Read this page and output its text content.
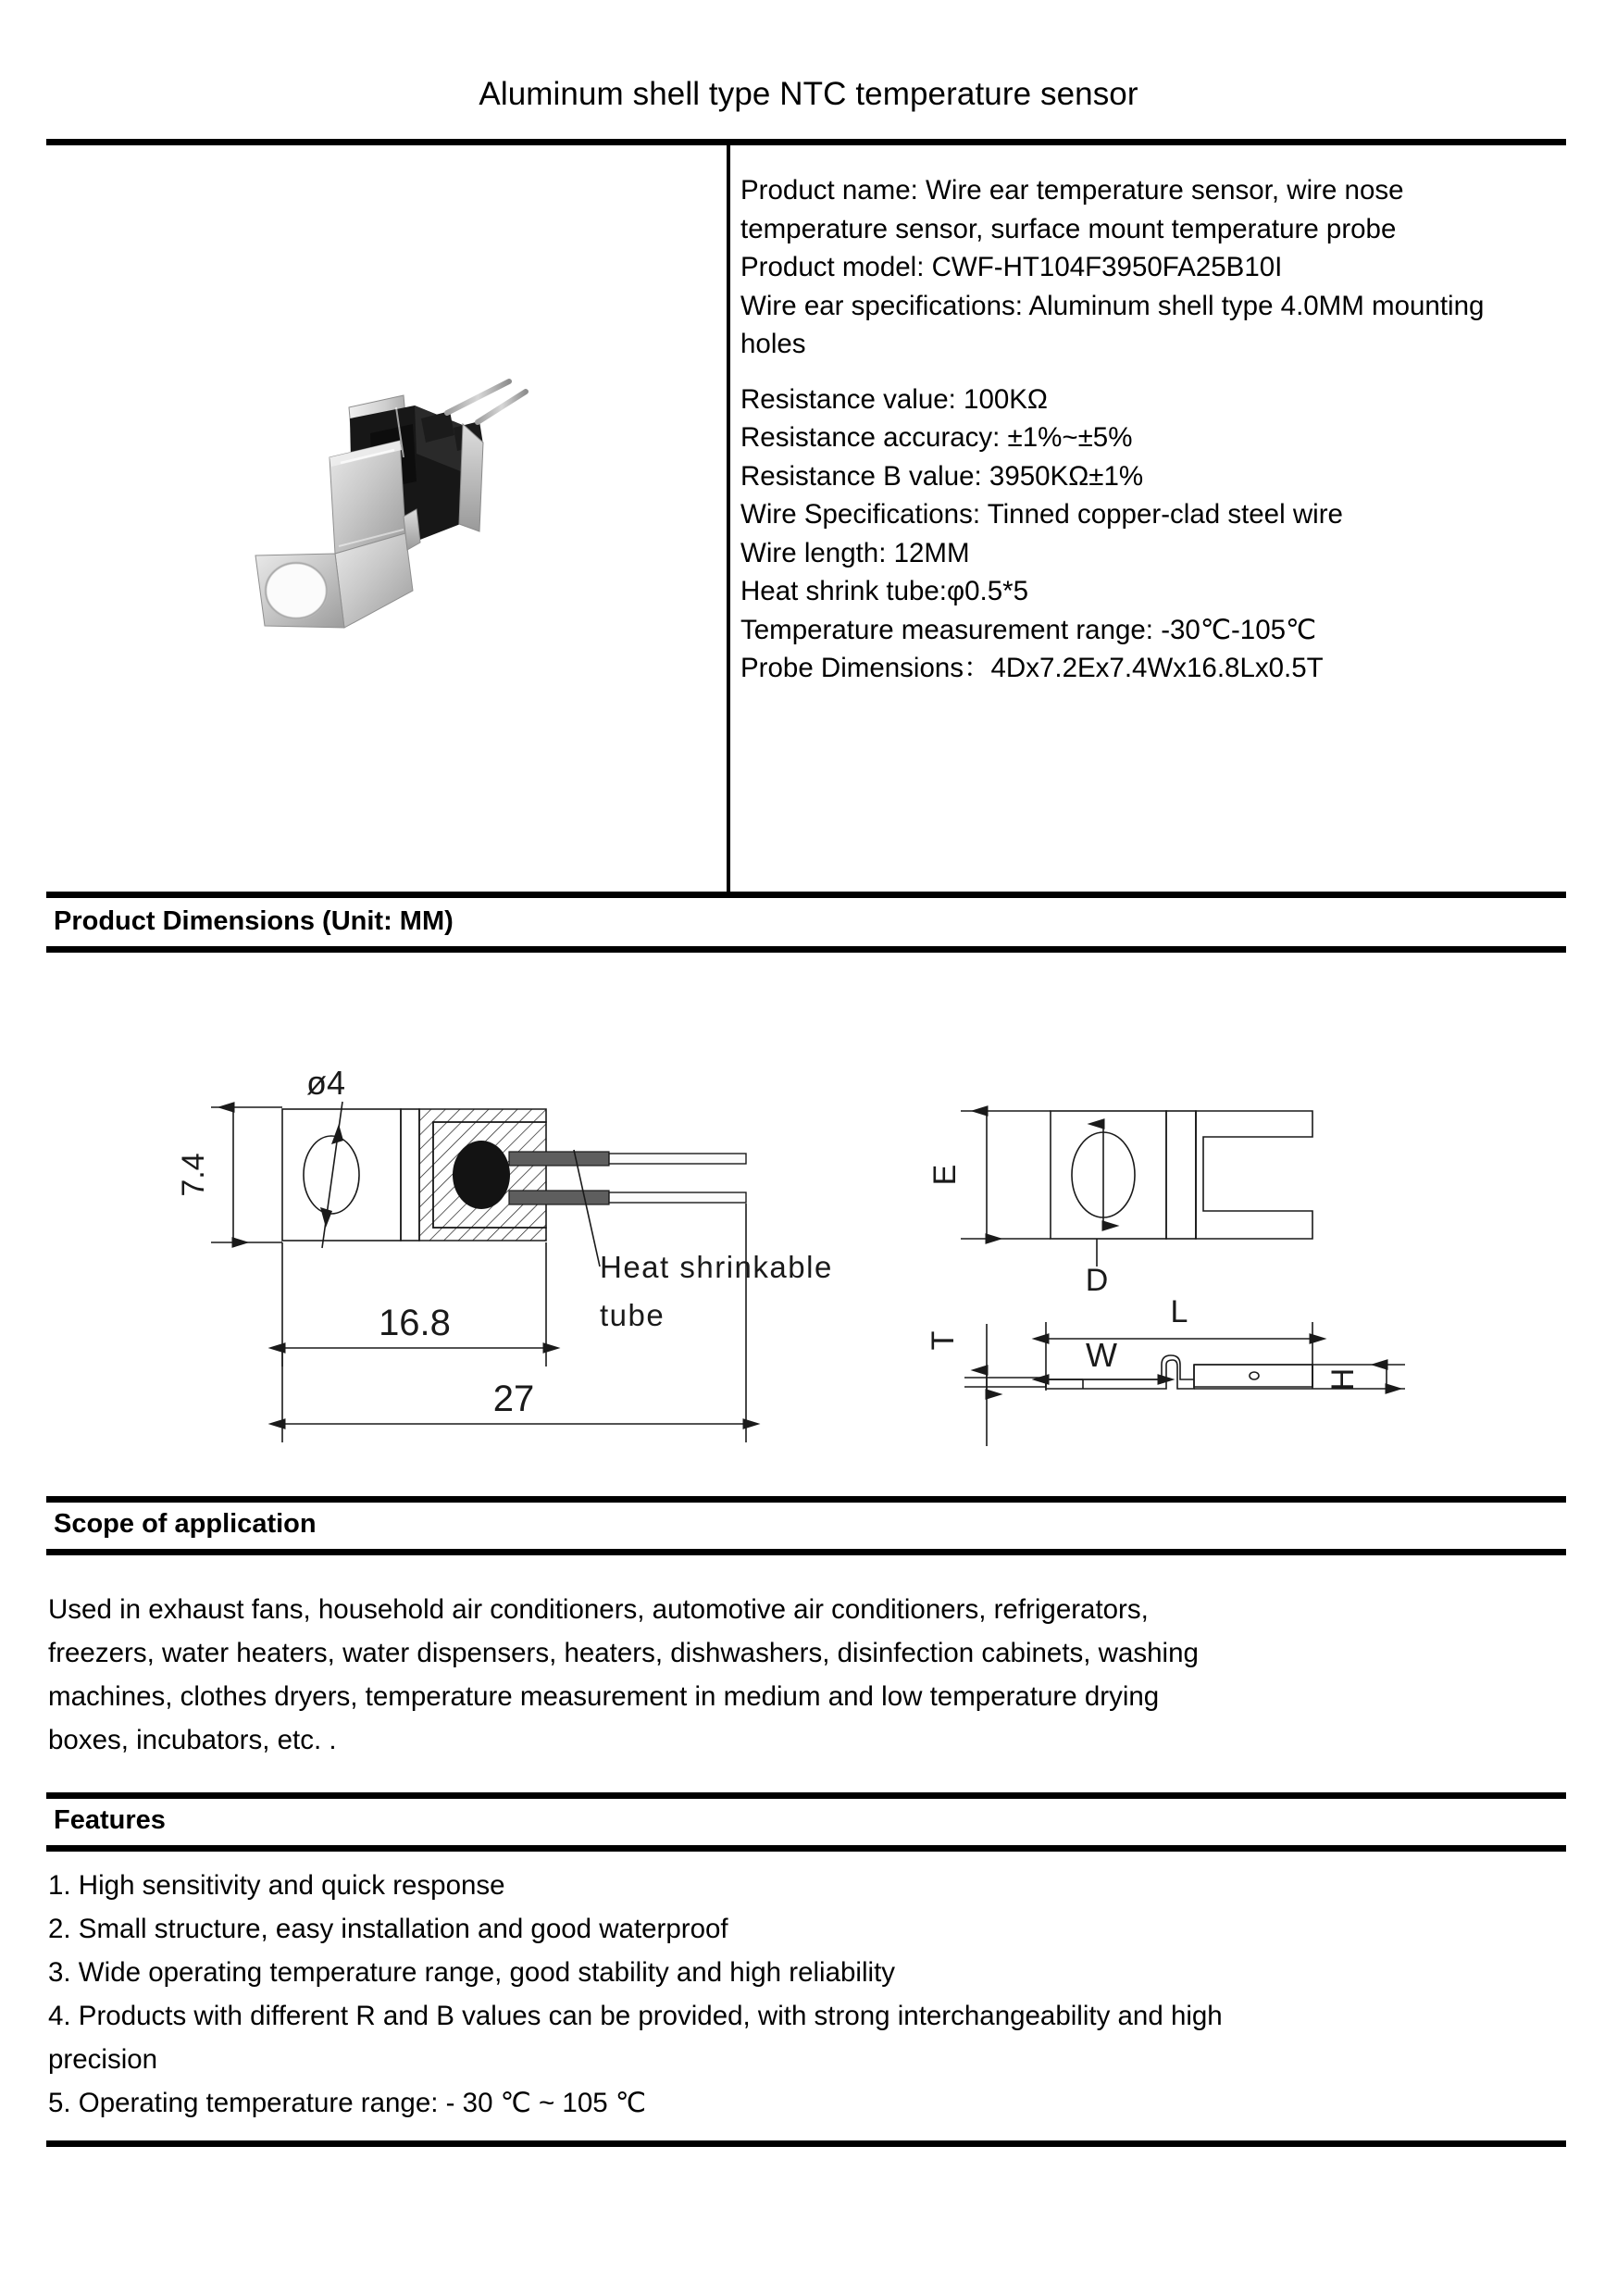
Aluminum shell type NTC temperature sensor
Product name: Wire ear temperature sensor, wire nose temperature sensor, surface mount temperature probe
Product model: CWF-HT104F3950FA25B10I
Wire ear specifications: Aluminum shell type 4.0MM mounting holes
Resistance value: 100KΩ
Resistance accuracy: ±1%~±5%
Resistance B value: 3950KΩ±1%
Wire Specifications: Tinned copper-clad steel wire
Wire length: 12MM
Heat shrink tube:φ0.5*5
Temperature measurement range: -30℃-105℃
Probe Dimensions：4Dx7.2Ex7.4Wx16.8Lx0.5T
Product Dimensions (Unit: MM)
7.4
ø4
Heat shrinkable
tube
16.8
27
E
D
T
L
W
H
Scope of application
Used in exhaust fans, household air conditioners, automotive air conditioners, refrigerators,
freezers, water heaters, water dispensers, heaters, dishwashers, disinfection cabinets, washing
machines, clothes dryers, temperature measurement in medium and low temperature drying
boxes, incubators, etc. .
Features
1. High sensitivity and quick response
2. Small structure, easy installation and good waterproof
3. Wide operating temperature range, good stability and high reliability
4. Products with different R and B values can be provided, with strong interchangeability and high
precision
5. Operating temperature range: - 30 ℃ ~ 105 ℃
